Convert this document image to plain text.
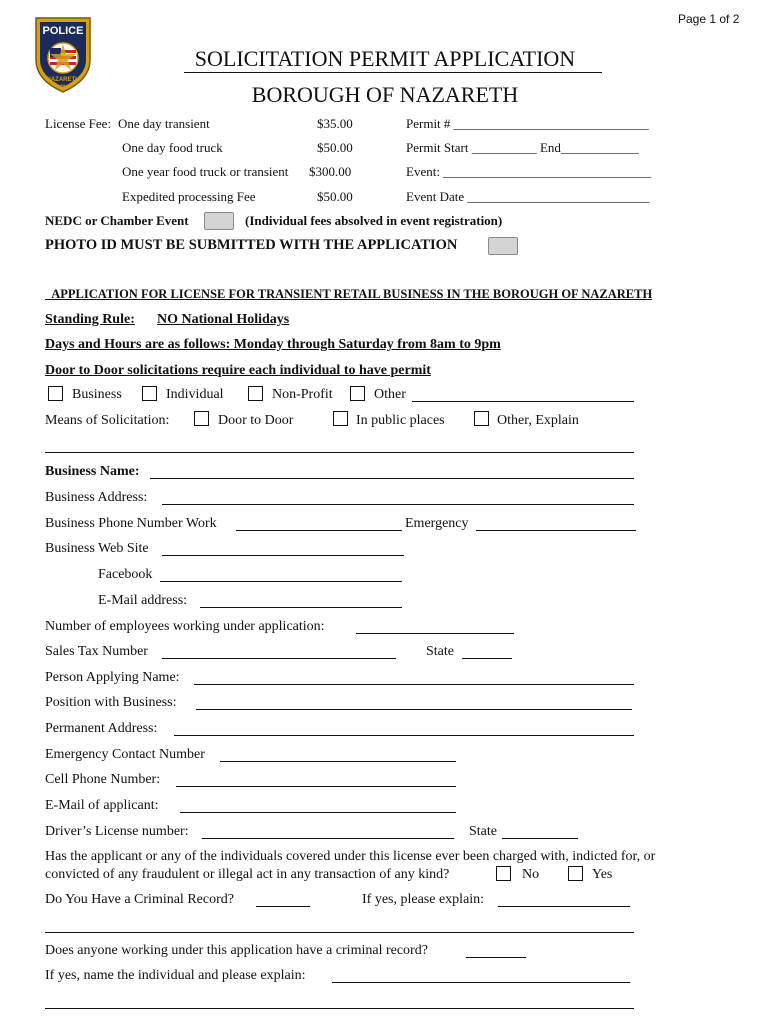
Page 1 of 2
POLICE
NAZARETH
PA
SOLICITATION PERMIT APPLICATION
BOROUGH OF NAZARETH
License Fee: One day transient	$35.00	Permit # ______________________________
One day food truck	$50.00	Permit Start __________ End____________
One year food truck or transient $300.00	Event: ________________________________
Expedited processing Fee	$50.00	Event Date ____________________________
NEDC or Chamber Event	(Individual fees absolved in event registration)
PHOTO ID MUST BE SUBMITTED WITH THE APPLICATION
_APPLICATION FOR LICENSE FOR TRANSIENT RETAIL BUSINESS IN THE BOROUGH OF NAZARETH
Standing Rule: NO National Holidays
Days and Hours are as follows: Monday through Saturday from 8am to 9pm
Door to Door solicitations require each individual to have permit
Business	Individual	Non-Profit	Other
Means of Solicitation:	Door to Door	In public places	Other, Explain
Business Name:
Business Address:
Business Phone Number Work	Emergency
Business Web Site
Facebook
E-Mail address:
Number of employees working under application:
Sales Tax Number	State
Person Applying Name:
Position with Business:
Permanent Address:
Emergency Contact Number
Cell Phone Number:
E-Mail of applicant:
Driver’s License number:	State
Has the applicant or any of the individuals covered under this license ever been charged with, indicted for, or
convicted of any fraudulent or illegal act in any transaction of any kind?	No	Yes
Do You Have a Criminal Record?	If yes, please explain:
Does anyone working under this application have a criminal record?
If yes, name the individual and please explain:
